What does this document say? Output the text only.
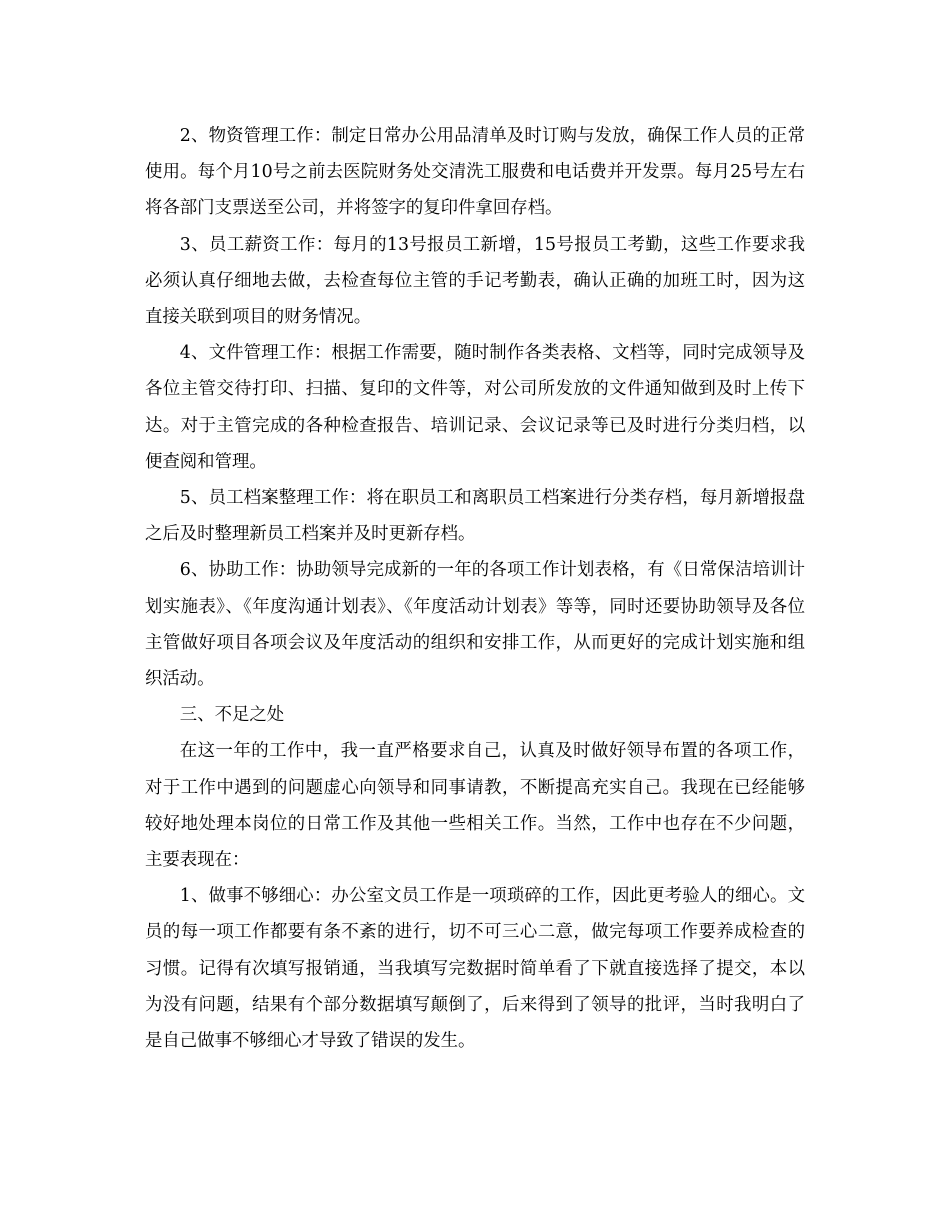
2、物资管理工作：制定日常办公用品清单及时订购与发放，确保工作人员的正常使用。每个月10号之前去医院财务处交清洗工服费和电话费并开发票。每月25号左右将各部门支票送至公司，并将签字的复印件拿回存档。

3、员工薪资工作：每月的13号报员工新增，15号报员工考勤，这些工作要求我必须认真仔细地去做，去检查每位主管的手记考勤表，确认正确的加班工时，因为这直接关联到项目的财务情况。

4、文件管理工作：根据工作需要，随时制作各类表格、文档等，同时完成领导及各位主管交待打印、扫描、复印的文件等，对公司所发放的文件通知做到及时上传下达。对于主管完成的各种检查报告、培训记录、会议记录等已及时进行分类归档，以便查阅和管理。

5、员工档案整理工作：将在职员工和离职员工档案进行分类存档，每月新增报盘之后及时整理新员工档案并及时更新存档。

6、协助工作：协助领导完成新的一年的各项工作计划表格，有《日常保洁培训计划实施表》、《年度沟通计划表》、《年度活动计划表》等等，同时还要协助领导及各位主管做好项目各项会议及年度活动的组织和安排工作，从而更好的完成计划实施和组织活动。

三、不足之处

在这一年的工作中，我一直严格要求自己，认真及时做好领导布置的各项工作，对于工作中遇到的问题虚心向领导和同事请教，不断提高充实自己。我现在已经能够较好地处理本岗位的日常工作及其他一些相关工作。当然，工作中也存在不少问题，主要表现在：

1、做事不够细心：办公室文员工作是一项琐碎的工作，因此更考验人的细心。文员的每一项工作都要有条不紊的进行，切不可三心二意，做完每项工作要养成检查的习惯。记得有次填写报销通，当我填写完数据时简单看了下就直接选择了提交，本以为没有问题，结果有个部分数据填写颠倒了，后来得到了领导的批评，当时我明白了是自己做事不够细心才导致了错误的发生。
